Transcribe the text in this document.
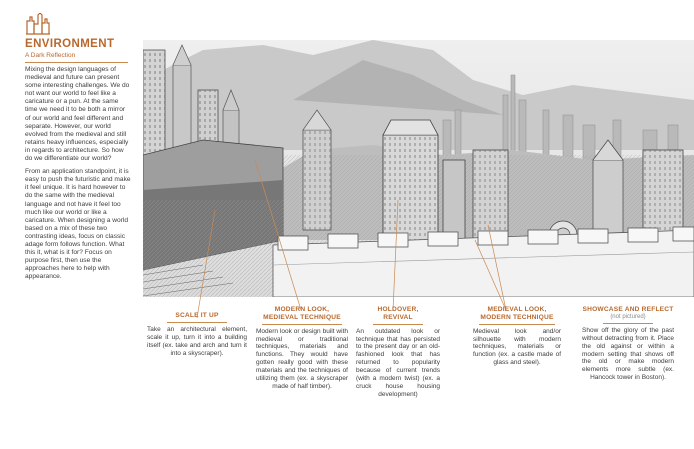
ENVIRONMENT
A Dark Reflection

Mixing the design languages of medieval and future can present some interesting challenges. We do not want our world to feel like a caricature or a pun. At the same time we need it to be both a mirror of our world and feel different and separate. However, our world evolved from the medieval and still retains heavy influences, especially in regards to architecture. So how do we differentiate our world?

From an application standpoint, it is easy to push the futuristic and make it feel unique. It is hard however to do the same with the medieval language and not have it feel too much like our world or like a caricature. When designing a world based on a mix of these two contrasting ideas, focus on classic adage form follows function. What this it, what is it for? Focus on purpose first, then use the approaches here to help with appearance.

SCALE IT UP
Take an architectural element, scale it up, turn it into a building itself (ex. take and arch and turn it into a skyscraper).
MODERN LOOK,
MEDIEVAL TECHNIQUE
Modern look or design built with medieval or traditional techniques, materials and functions. They would have gotten really good with these materials and the techniques of utilizing them (ex. a skyscraper made of half timber).
HOLDOVER,
REVIVAL
An outdated look or technique that has persisted to the present day or an old-fashioned look that has returned to popularity because of current trends (with a modern twist) (ex. a cruck house housing development)
MEDIEVAL LOOK,
MODERN TECHNIQUE
Medieval look and/or silhouette with modern techniques, materials or function (ex. a castle made of glass and steel).
SHOWCASE AND REFLECT
(not pictured)
Show off the glory of the past without detracting from it. Place the old against or within a modern setting that shows off the old or make modern elements more subtle (ex. Hancock tower in Boston).
